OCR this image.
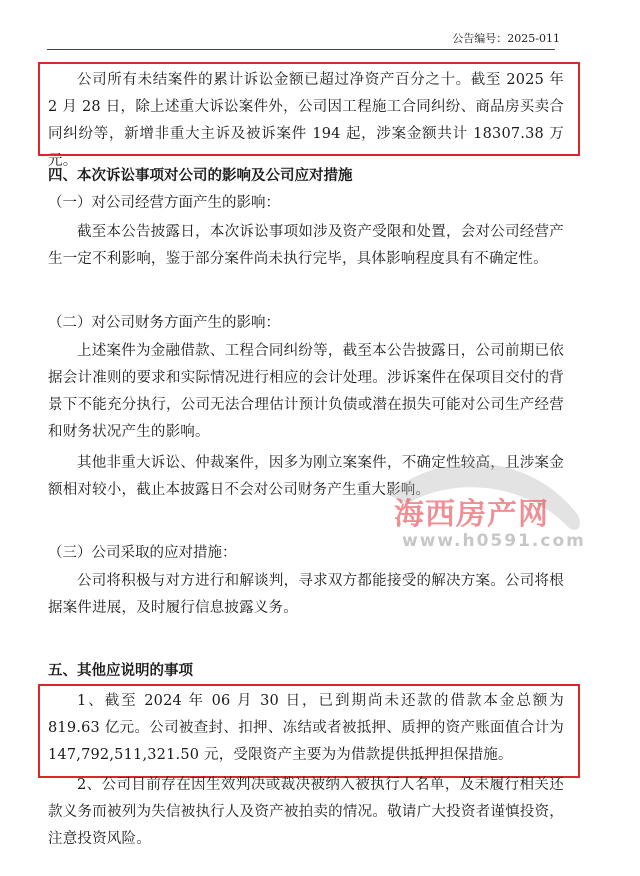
公告编号：2025-011

公司所有未结案件的累计诉讼金额已超过净资产百分之十。截至 2025 年 2 月 28 日，除上述重大诉讼案件外，公司因工程施工合同纠纷、商品房买卖合同纠纷等，新增非重大主诉及被诉案件 194 起，涉案金额共计 18307.38 万元。

四、本次诉讼事项对公司的影响及公司应对措施

（一）对公司经营方面产生的影响：

截至本公告披露日，本次诉讼事项如涉及资产受限和处置，会对公司经营产生一定不利影响，鉴于部分案件尚未执行完毕，具体影响程度具有不确定性。

（二）对公司财务方面产生的影响：

上述案件为金融借款、工程合同纠纷等，截至本公告披露日，公司前期已依据会计准则的要求和实际情况进行相应的会计处理。涉诉案件在保项目交付的背景下不能充分执行，公司无法合理估计预计负债或潜在损失可能对公司生产经营和财务状况产生的影响。

其他非重大诉讼、仲裁案件，因多为刚立案案件，不确定性较高，且涉案金额相对较小，截止本披露日不会对公司财务产生重大影响。

（三）公司采取的应对措施：

公司将积极与对方进行和解谈判，寻求双方都能接受的解决方案。公司将根据案件进展，及时履行信息披露义务。

五、其他应说明的事项

1、截至 2024 年 06 月 30 日，已到期尚未还款的借款本金总额为 819.63 亿元。公司被查封、扣押、冻结或者被抵押、质押的资产账面值合计为 147,792,511,321.50 元，受限资产主要为为借款提供抵押担保措施。

2、公司目前存在因生效判决或裁决被纳入被执行人名单，及未履行相关还款义务而被列为失信被执行人及资产被拍卖的情况。敬请广大投资者谨慎投资，注意投资风险。

海西房产网
www.h0591.com
